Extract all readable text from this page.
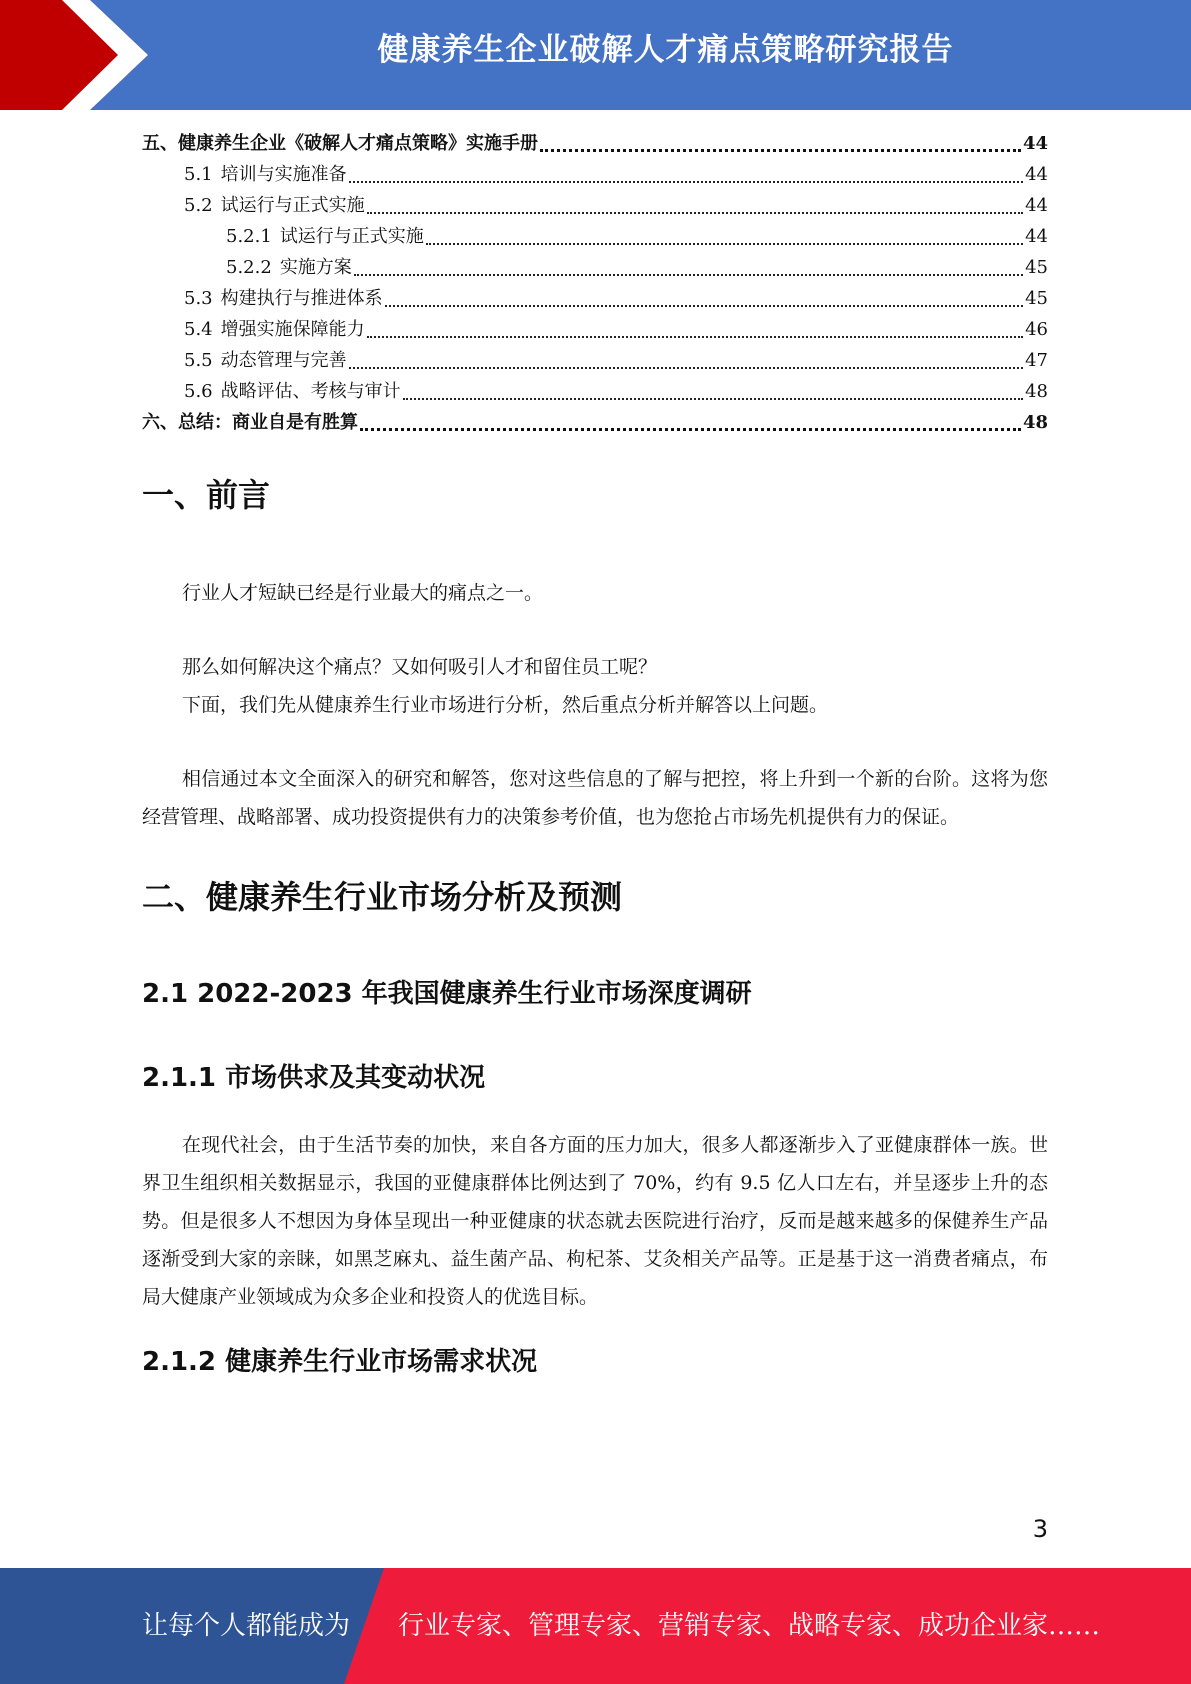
健康养生企业破解人才痛点策略研究报告
五、健康养生企业《破解人才痛点策略》实施手册	44
5.1 培训与实施准备	44
5.2 试运行与正式实施	44
5.2.1 试运行与正式实施	44
5.2.2 实施方案	45
5.3 构建执行与推进体系	45
5.4 增强实施保障能力	46
5.5 动态管理与完善	47
5.6 战略评估、考核与审计	48
六、总结：商业自是有胜算	48
一、前言

行业人才短缺已经是行业最大的痛点之一。

那么如何解决这个痛点？又如何吸引人才和留住员工呢？

下面，我们先从健康养生行业市场进行分析，然后重点分析并解答以上问题。

相信通过本文全面深入的研究和解答，您对这些信息的了解与把控，将上升到一个新的台阶。这将为您经营管理、战略部署、成功投资提供有力的决策参考价值，也为您抢占市场先机提供有力的保证。

二、健康养生行业市场分析及预测
2.1 2022-2023 年我国健康养生行业市场深度调研
2.1.1 市场供求及其变动状况

在现代社会，由于生活节奏的加快，来自各方面的压力加大，很多人都逐渐步入了亚健康群体一族。世界卫生组织相关数据显示，我国的亚健康群体比例达到了 70%，约有 9.5 亿人口左右，并呈逐步上升的态势。但是很多人不想因为身体呈现出一种亚健康的状态就去医院进行治疗，反而是越来越多的保健养生产品逐渐受到大家的亲睐，如黑芝麻丸、益生菌产品、枸杞茶、艾灸相关产品等。正是基于这一消费者痛点，布局大健康产业领域成为众多企业和投资人的优选目标。

2.1.2 健康养生行业市场需求状况
3
让每个人都能成为 行业专家、管理专家、营销专家、战略专家、成功企业家……
